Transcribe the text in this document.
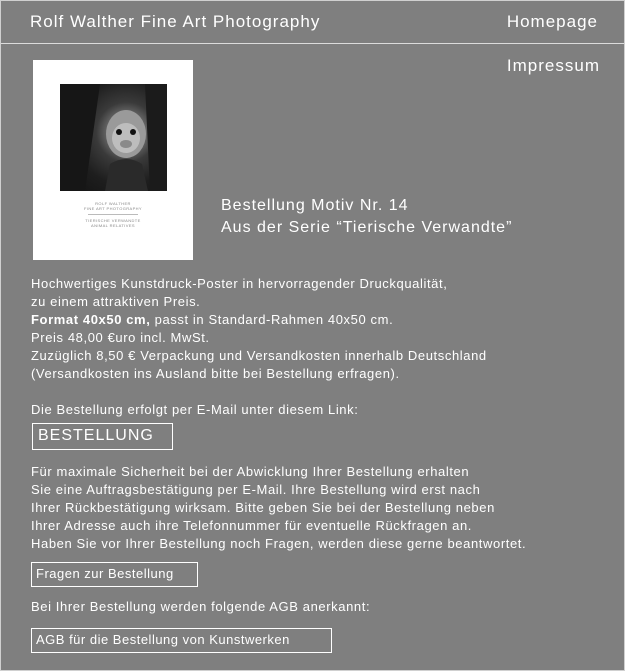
Rolf Walther Fine Art Photography	Homepage
Impressum
ROLF WALTHER
FINE ART PHOTOGRAPHY
TIERISCHE VERWANDTE
ANIMAL RELATIVES
Bestellung Motiv Nr. 14
Aus der Serie “Tierische Verwandte”
Hochwertiges Kunstdruck-Poster in hervorragender Druckqualität,
zu einem attraktiven Preis.
Format 40x50 cm, passt in Standard-Rahmen 40x50 cm.
Preis 48,00 €uro incl. MwSt.
Zuzüglich 8,50 € Verpackung und Versandkosten innerhalb Deutschland
(Versandkosten ins Ausland bitte bei Bestellung erfragen).
Die Bestellung erfolgt per E-Mail unter diesem Link:
BESTELLUNG
Für maximale Sicherheit bei der Abwicklung Ihrer Bestellung erhalten
Sie eine Auftragsbestätigung per E-Mail. Ihre Bestellung wird erst nach
Ihrer Rückbestätigung wirksam. Bitte geben Sie bei der Bestellung neben
Ihrer Adresse auch ihre Telefonnummer für eventuelle Rückfragen an.
Haben Sie vor Ihrer Bestellung noch Fragen, werden diese gerne beantwortet.
Fragen zur Bestellung
Bei Ihrer Bestellung werden folgende AGB anerkannt:
AGB für die Bestellung von Kunstwerken
